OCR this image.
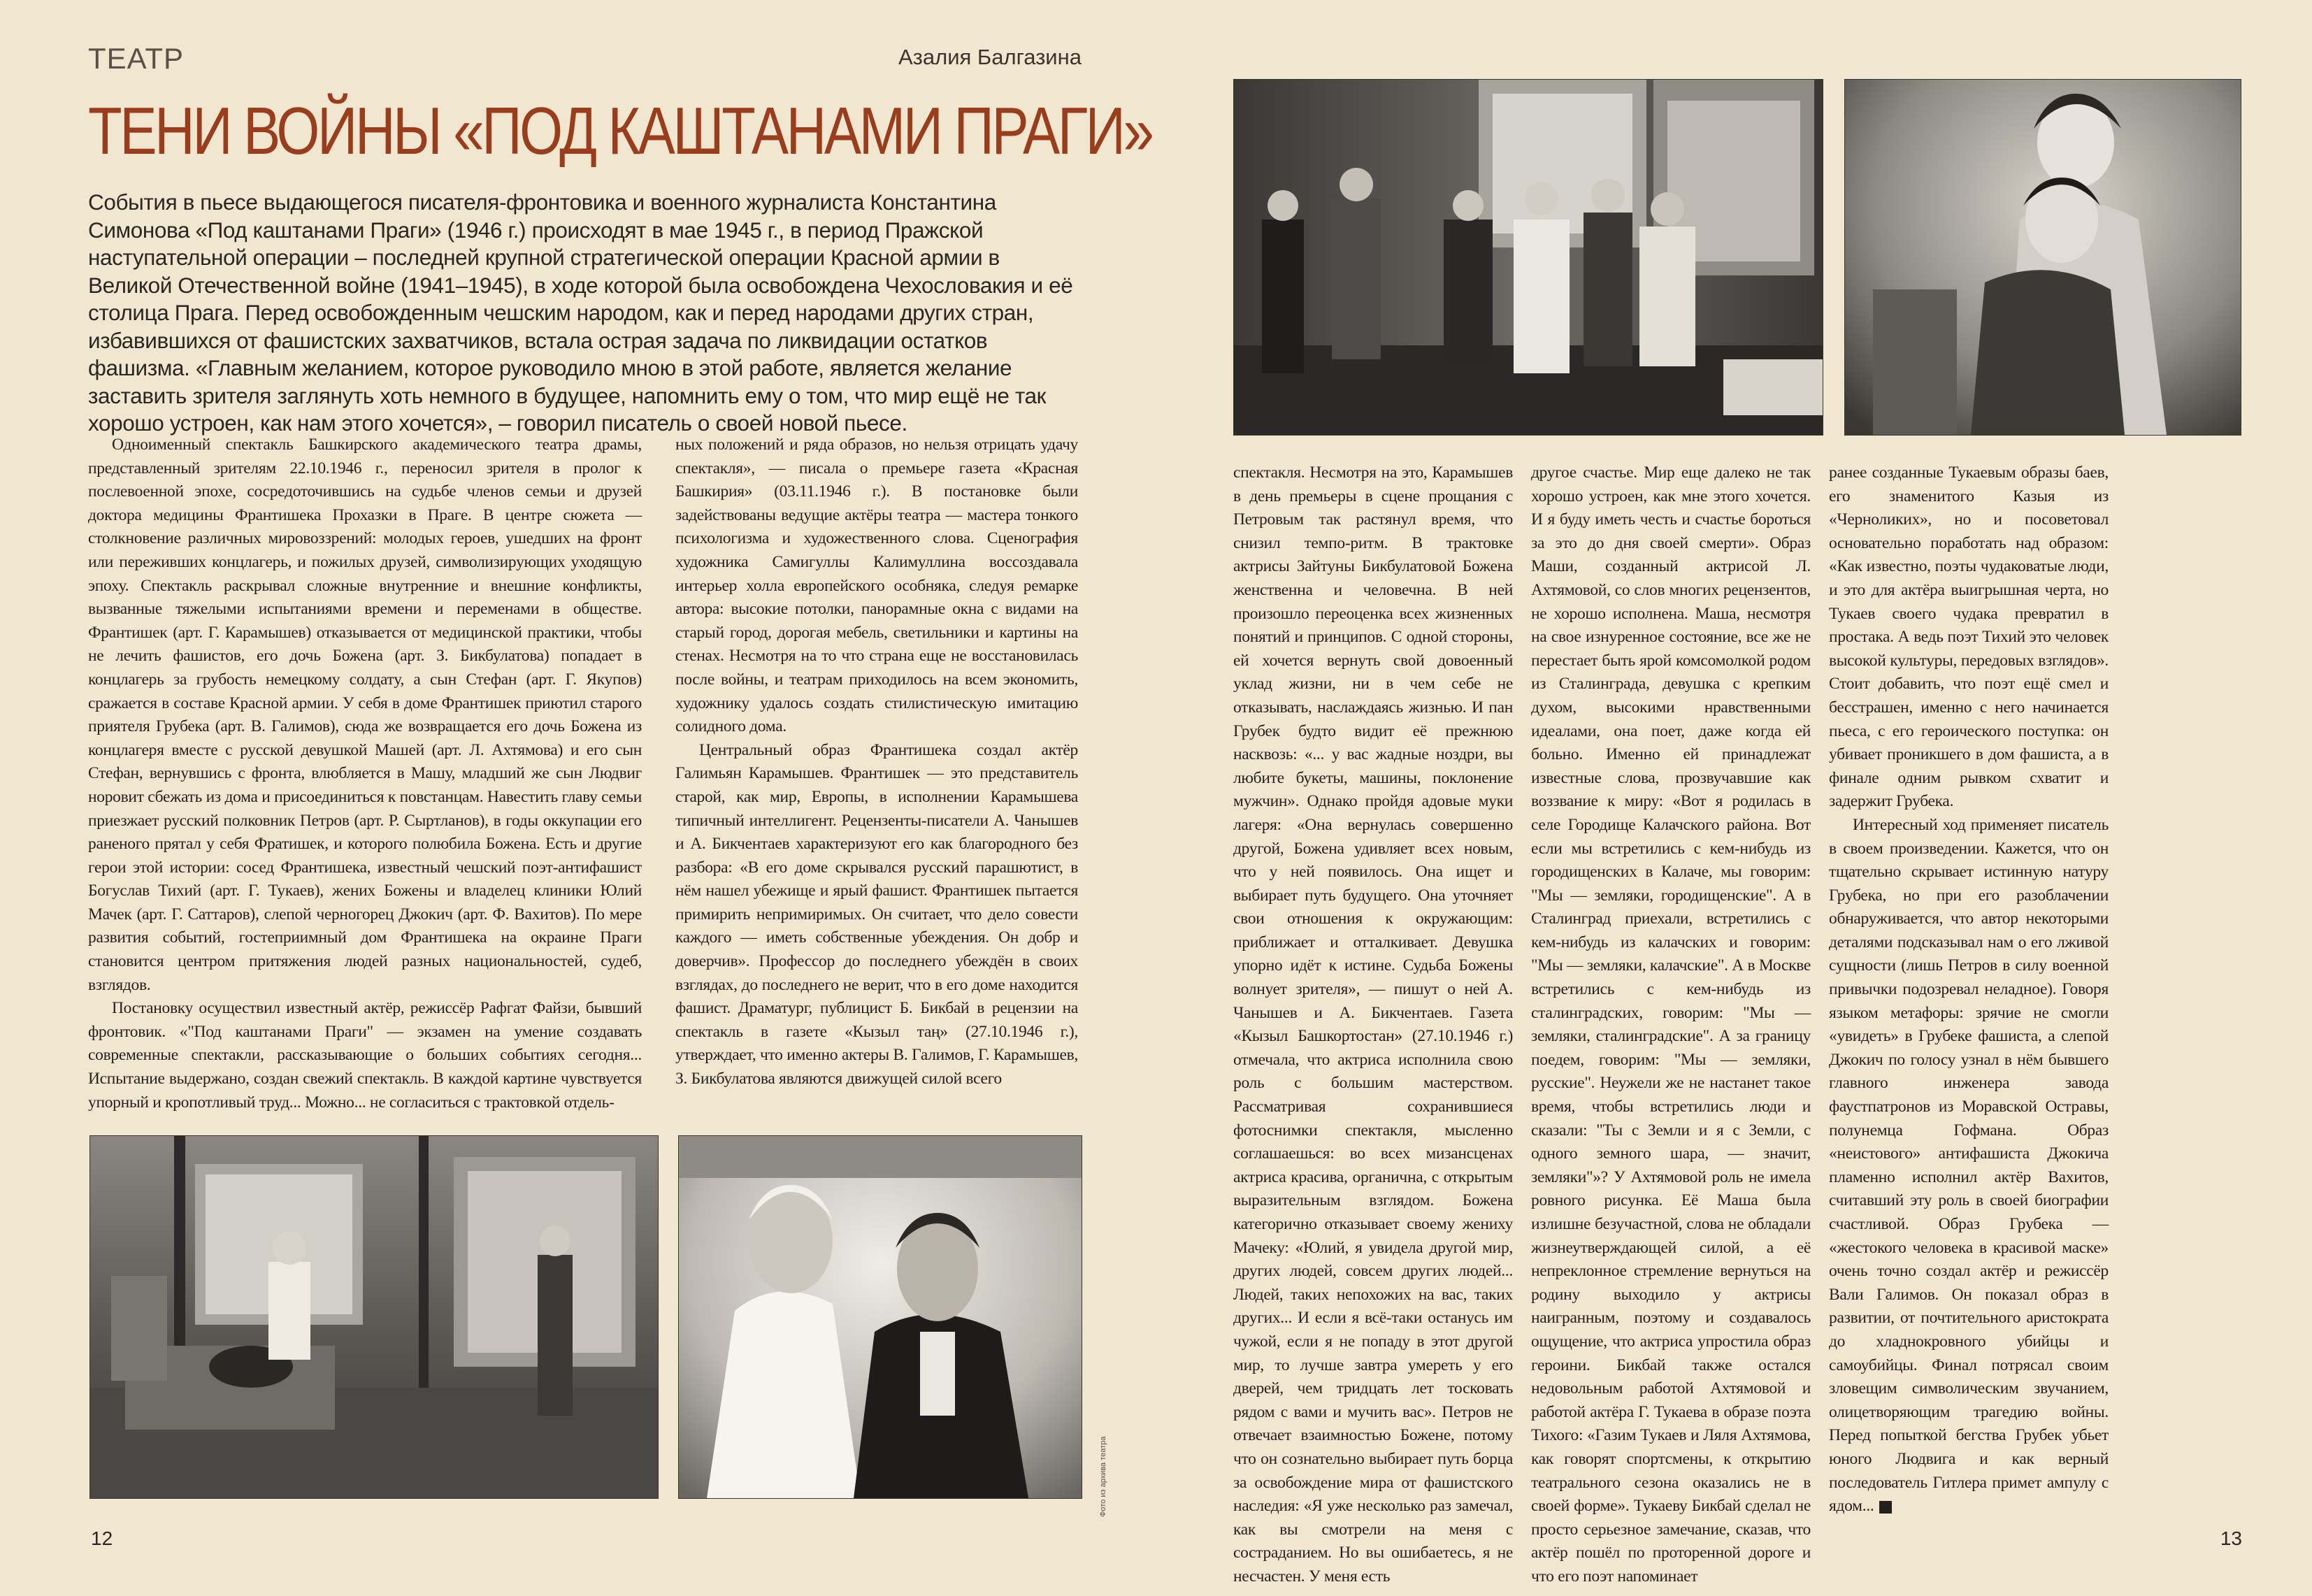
ТЕАТР	Азалия Балгазина
ТЕНИ ВОЙНЫ «ПОД КАШТАНАМИ ПРАГИ»
События в пьесе выдающегося писателя-фронтовика и военного журналиста Константина Симонова «Под каштанами Праги» (1946 г.) происходят в мае 1945 г., в период Пражской наступательной операции – последней крупной стратегической операции Красной армии в Великой Отечественной войне (1941–1945), в ходе которой была освобождена Чехословакия и её столица Прага. Перед освобожденным чешским народом, как и перед народами других стран, избавившихся от фашистских захватчиков, встала острая задача по ликвидации остатков фашизма. «Главным желанием, которое руководило мною в этой работе, является желание заставить зрителя заглянуть хоть немного в будущее, напомнить ему о том, что мир ещё не так хорошо устроен, как нам этого хочется», – говорил писатель о своей новой пьесе.

Одноименный спектакль Башкирского академического театра драмы, представленный зрителям 22.10.1946 г., переносил зрителя в пролог к послевоенной эпохе, сосредоточившись на судьбе членов семьи и друзей доктора медицины Франтишека Прохазки в Праге. В центре сюжета — столкновение различных мировоззрений: молодых героев, ушедших на фронт или переживших концлагерь, и пожилых друзей, символизирующих уходящую эпоху. Спектакль раскрывал сложные внутренние и внешние конфликты, вызванные тяжелыми испытаниями времени и переменами в обществе. Франтишек (арт. Г. Карамышев) отказывается от медицинской практики, чтобы не лечить фашистов, его дочь Божена (арт. З. Бикбулатова) попадает в концлагерь за грубость немецкому солдату, а сын Стефан (арт. Г. Якупов) сражается в составе Красной армии. У себя в доме Франтишек приютил старого приятеля Грубека (арт. В. Галимов), сюда же возвращается его дочь Божена из концлагеря вместе с русской девушкой Машей (арт. Л. Ахтямова) и его сын Стефан, вернувшись с фронта, влюбляется в Машу, младший же сын Людвиг норовит сбежать из дома и присоединиться к повстанцам. Навестить главу семьи приезжает русский полковник Петров (арт. Р. Сыртланов), в годы оккупации его раненого прятал у себя Фратишек, и которого полюбила Божена. Есть и другие герои этой истории: сосед Франтишека, известный чешский поэт-антифашист Богуслав Тихий (арт. Г. Тукаев), жених Божены и владелец клиники Юлий Мачек (арт. Г. Саттаров), слепой черногорец Джокич (арт. Ф. Вахитов). По мере развития событий, гостеприимный дом Франтишека на окраине Праги становится центром притяжения людей разных национальностей, судеб, взглядов.

Постановку осуществил известный актёр, режиссёр Рафгат Файзи, бывший фронтовик. «"Под каштанами Праги" — экзамен на умение создавать современные спектакли, рассказывающие о больших событиях сегодня... Испытание выдержано, создан свежий спектакль. В каждой картине чувствуется упорный и кропотливый труд... Можно... не согласиться с трактовкой отдель-

ных положений и ряда образов, но нельзя отрицать удачу спектакля», — писала о премьере газета «Красная Башкирия» (03.11.1946 г.). В постановке были задействованы ведущие актёры театра — мастера тонкого психологизма и художественного слова. Сценография художника Самигуллы Калимуллина воссоздавала интерьер холла европейского особняка, следуя ремарке автора: высокие потолки, панорамные окна с видами на старый город, дорогая мебель, светильники и картины на стенах. Несмотря на то что страна еще не восстановилась после войны, и театрам приходилось на всем экономить, художнику удалось создать стилистическую имитацию солидного дома.

Центральный образ Франтишека создал актёр Галимьян Карамышев. Франтишек — это представитель старой, как мир, Европы, в исполнении Карамышева типичный интеллигент. Рецензенты-писатели А. Чанышев и А. Бикчентаев характеризуют его как благородного без разбора: «В его доме скрывался русский парашютист, в нём нашел убежище и ярый фашист. Франтишек пытается примирить непримиримых. Он считает, что дело совести каждого — иметь собственные убеждения. Он добр и доверчив». Профессор до последнего убеждён в своих взглядах, до последнего не верит, что в его доме находится фашист. Драматург, публицист Б. Бикбай в рецензии на спектакль в газете «Кызыл таң» (27.10.1946 г.), утверждает, что именно актеры В. Галимов, Г. Карамышев, З. Бикбулатова являются движущей силой всего

Фото из архива театра
12

спектакля. Несмотря на это, Карамышев в день премьеры в сцене прощания с Петровым так растянул время, что снизил темпо-ритм. В трактовке актрисы Зайтуны Бикбулатовой Божена женственна и человечна. В ней произошло переоценка всех жизненных понятий и принципов. С одной стороны, ей хочется вернуть свой довоенный уклад жизни, ни в чем себе не отказывать, наслаждаясь жизнью. И пан Грубек будто видит её прежнюю насквозь: «... у вас жадные ноздри, вы любите букеты, машины, поклонение мужчин». Однако пройдя адовые муки лагеря: «Она вернулась совершенно другой, Божена удивляет всех новым, что у ней появилось. Она ищет и выбирает путь будущего. Она уточняет свои отношения к окружающим: приближает и отталкивает. Девушка упорно идёт к истине. Судьба Божены волнует зрителя», — пишут о ней А. Чанышев и А. Бикчентаев. Газета «Кызыл Башкортостан» (27.10.1946 г.) отмечала, что актриса исполнила свою роль с большим мастерством. Рассматривая сохранившиеся фотоснимки спектакля, мысленно соглашаешься: во всех мизансценах актриса красива, органична, с открытым выразительным взглядом. Божена категорично отказывает своему жениху Мачеку: «Юлий, я увидела другой мир, других людей, совсем других людей... Людей, таких непохожих на вас, таких других... И если я всё-таки останусь им чужой, если я не попаду в этот другой мир, то лучше завтра умереть у его дверей, чем тридцать лет тосковать рядом с вами и мучить вас». Петров не отвечает взаимностью Божене, потому что он сознательно выбирает путь борца за освобождение мира от фашистского наследия: «Я уже несколько раз замечал, как вы смотрели на меня с состраданием. Но вы ошибаетесь, я не несчастен. У меня есть

другое счастье. Мир еще далеко не так хорошо устроен, как мне этого хочется. И я буду иметь честь и счастье бороться за это до дня своей смерти». Образ Маши, созданный актрисой Л. Ахтямовой, со слов многих рецензентов, не хорошо исполнена. Маша, несмотря на свое изнуренное состояние, все же не перестает быть ярой комсомолкой родом из Сталинграда, девушка с крепким духом, высокими нравственными идеалами, она поет, даже когда ей больно. Именно ей принадлежат известные слова, прозвучавшие как воззвание к миру: «Вот я родилась в селе Городище Калачского района. Вот если мы встретились с кем-нибудь из городищенских в Калаче, мы говорим: "Мы — земляки, городищенские". А в Сталинград приехали, встретились с кем-нибудь из калачских и говорим: "Мы — земляки, калачские". А в Москве встретились с кем-нибудь из сталинградских, говорим: "Мы — земляки, сталинградские". А за границу поедем, говорим: "Мы — земляки, русские". Неужели же не настанет такое время, чтобы встретились люди и сказали: "Ты с Земли и я с Земли, с одного земного шара, — значит, земляки"»? У Ахтямовой роль не имела ровного рисунка. Её Маша была излишне безучастной, слова не обладали жизнеутверждающей силой, а её непреклонное стремление вернуться на родину выходило у актрисы наигранным, поэтому и создавалось ощущение, что актриса упростила образ героини. Бикбай также остался недовольным работой Ахтямовой и работой актёра Г. Тукаева в образе поэта Тихого: «Газим Тукаев и Ляля Ахтямова, как говорят спортсмены, к открытию театрального сезона оказались не в своей форме». Тукаеву Бикбай сделал не просто серьезное замечание, сказав, что актёр пошёл по проторенной дороге и что его поэт напоминает

ранее созданные Тукаевым образы баев, его знаменитого Казыя из «Черноликих», но и посоветовал основательно поработать над образом: «Как известно, поэты чудаковатые люди, и это для актёра выигрышная черта, но Тукаев своего чудака превратил в простака. А ведь поэт Тихий это человек высокой культуры, передовых взглядов». Стоит добавить, что поэт ещё смел и бесстрашен, именно с него начинается пьеса, с его героического поступка: он убивает проникшего в дом фашиста, а в финале одним рывком схватит и задержит Грубека.

Интересный ход применяет писатель в своем произведении. Кажется, что он тщательно скрывает истинную натуру Грубека, но при его разоблачении обнаруживается, что автор некоторыми деталями подсказывал нам о его лживой сущности (лишь Петров в силу военной привычки подозревал неладное). Говоря языком метафоры: зрячие не смогли «увидеть» в Грубеке фашиста, а слепой Джокич по голосу узнал в нём бывшего главного инженера завода фаустпатронов из Моравской Остравы, полунемца Гофмана. Образ «неистового» антифашиста Джокича пламенно исполнил актёр Вахитов, считавший эту роль в своей биографии счастливой. Образ Грубека — «жестокого человека в красивой маске» очень точно создал актёр и режиссёр Вали Галимов. Он показал образ в развитии, от почтительного аристократа до хладнокровного убийцы и самоубийцы. Финал потрясал своим зловещим символическим звучанием, олицетворяющим трагедию войны. Перед попыткой бегства Грубек убьет юного Людвига и как верный последователь Гитлера примет ампулу с ядом...

13
